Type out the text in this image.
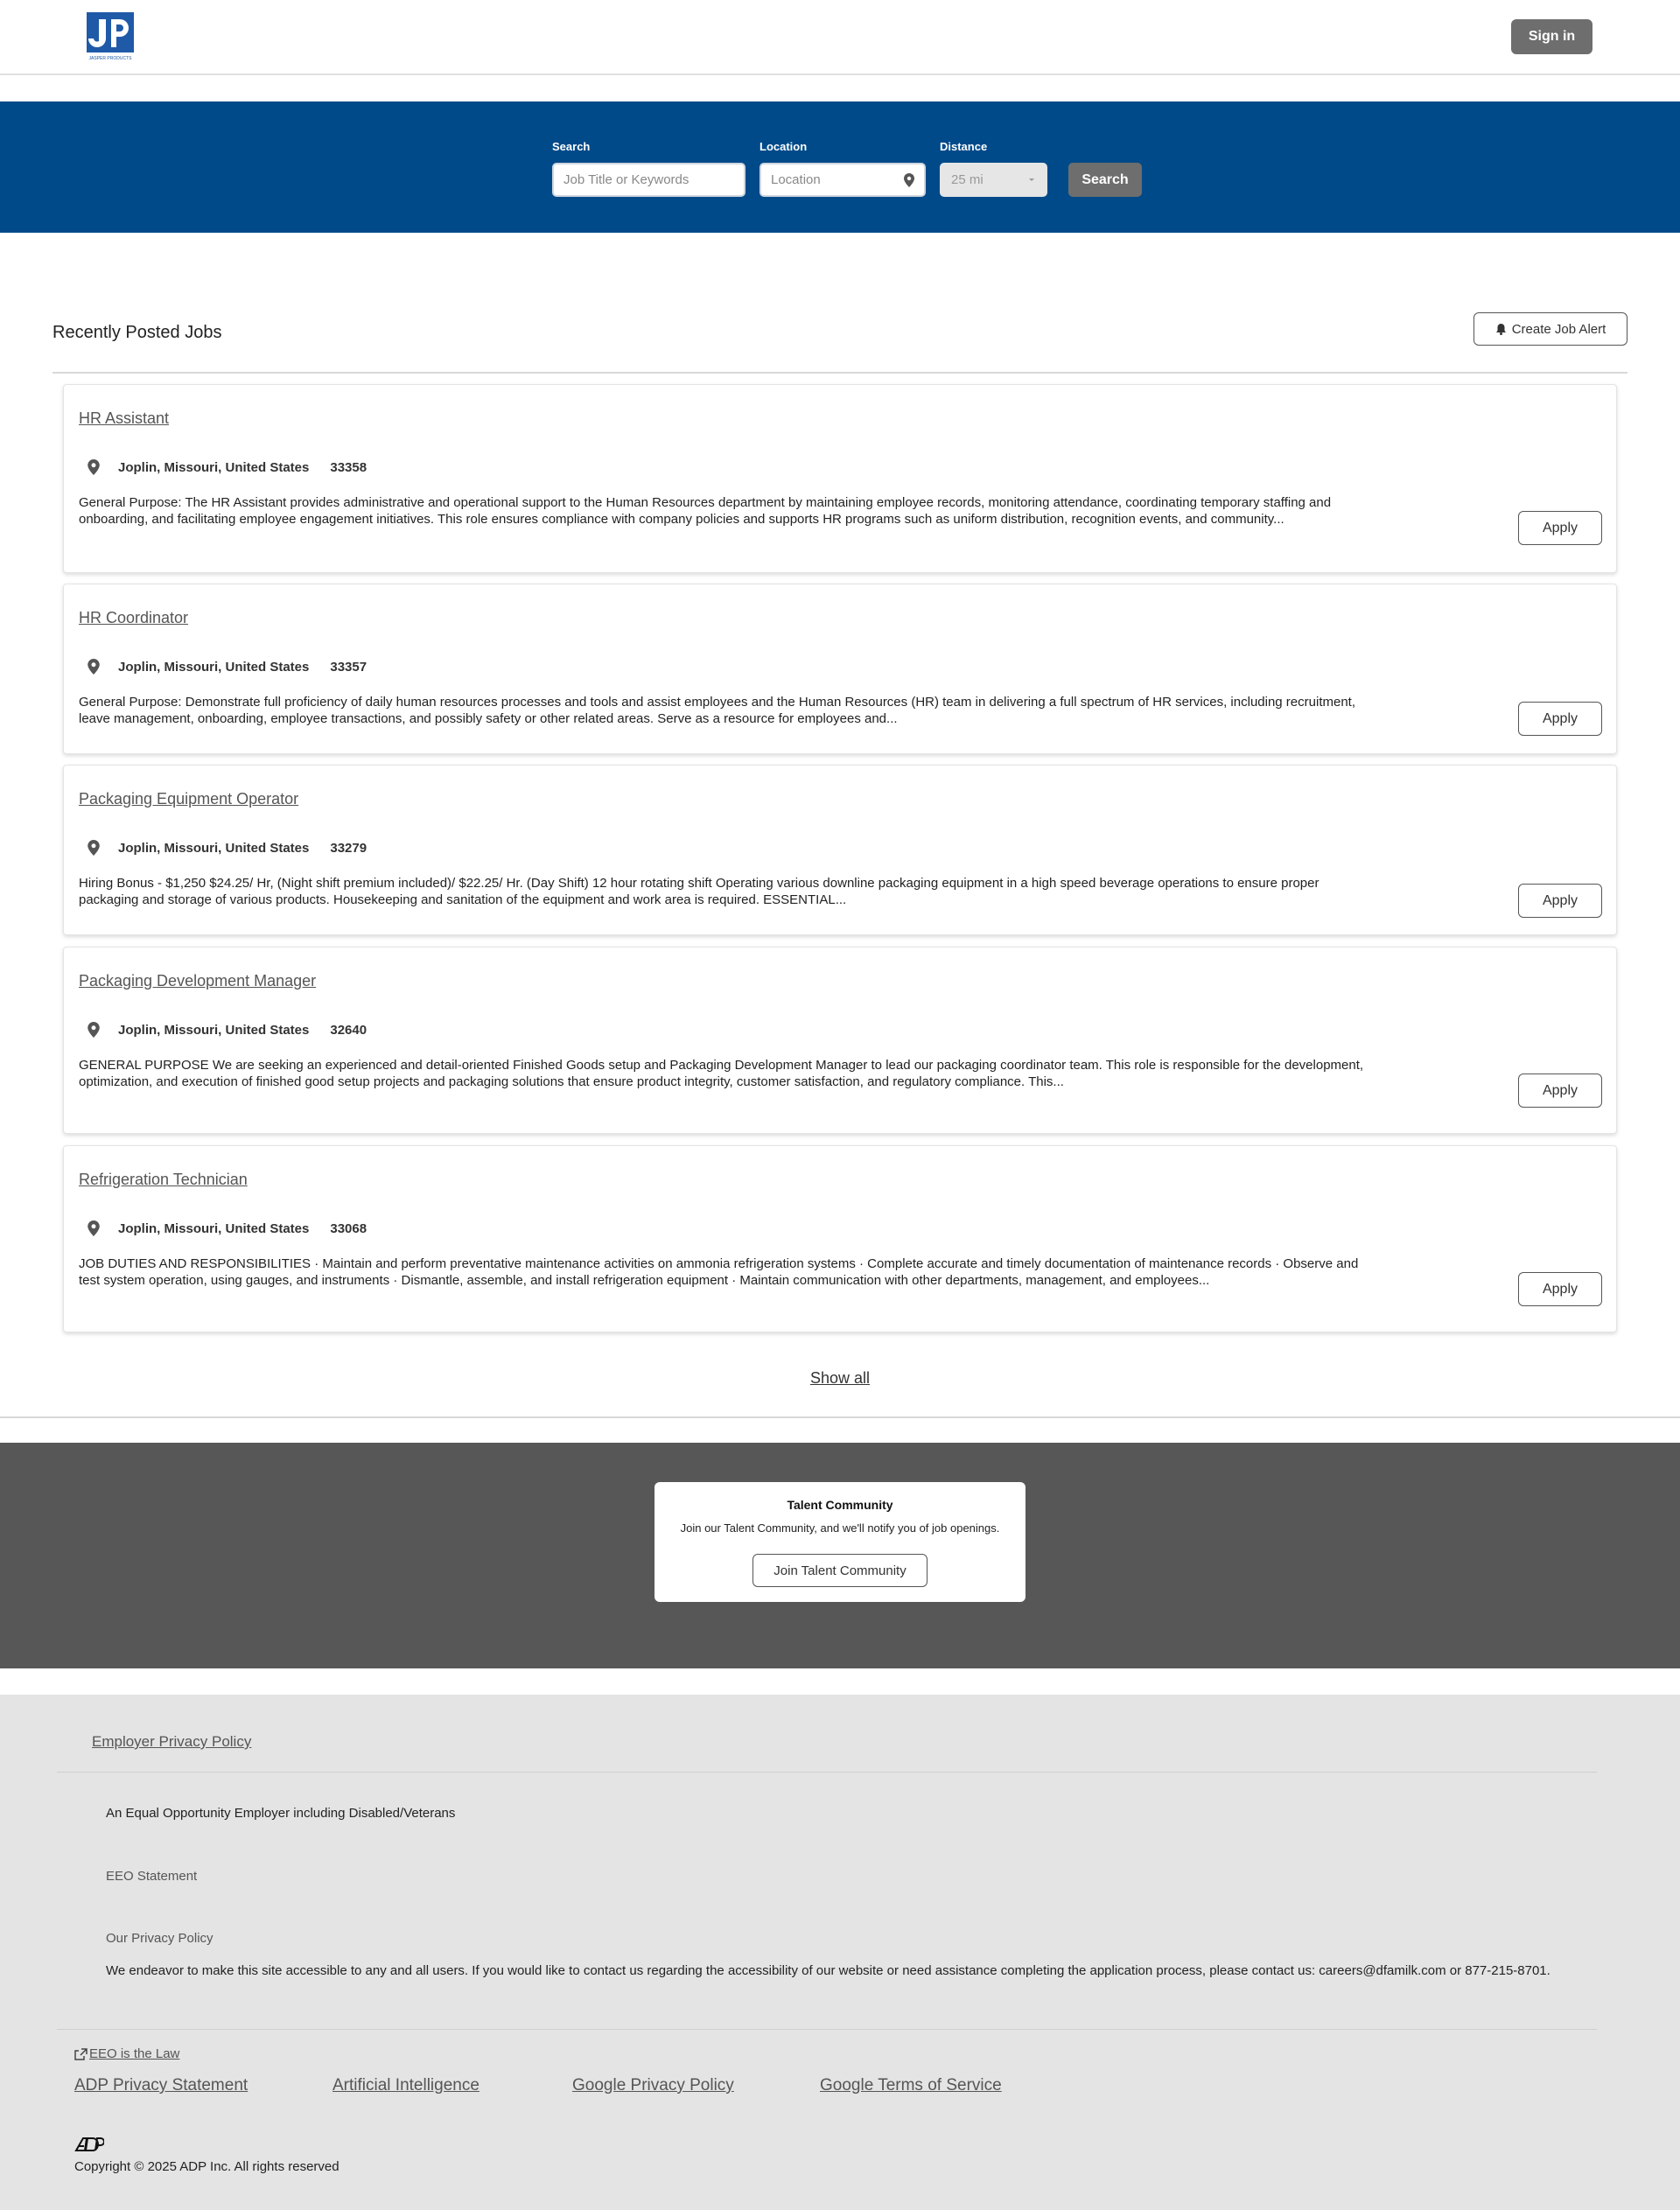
JASPER PRODUCTS
Sign in
Search
Job Title or Keywords
Location
Location
Distance
25 mi	Search
Recently Posted Jobs	Create Job Alert
HR Assistant
Joplin, Missouri, United States 33358
General Purpose: The HR Assistant provides administrative and operational support to the Human Resources department by maintaining employee records, monitoring attendance, coordinating temporary staffing and onboarding, and facilitating employee engagement initiatives. This role ensures compliance with company policies and supports HR programs such as uniform distribution, recognition events, and community...
Apply
HR Coordinator
Joplin, Missouri, United States 33357
General Purpose: Demonstrate full proficiency of daily human resources processes and tools and assist employees and the Human Resources (HR) team in delivering a full spectrum of HR services, including recruitment, leave management, onboarding, employee transactions, and possibly safety or other related areas. Serve as a resource for employees and...	Apply
Packaging Equipment Operator
Joplin, Missouri, United States 33279
Hiring Bonus - $1,250 $24.25/ Hr, (Night shift premium included)/ $22.25/ Hr. (Day Shift) 12 hour rotating shift Operating various downline packaging equipment in a high speed beverage operations to ensure proper packaging and storage of various products. Housekeeping and sanitation of the equipment and work area is required. ESSENTIAL...	Apply
Packaging Development Manager
Joplin, Missouri, United States 32640
GENERAL PURPOSE We are seeking an experienced and detail-oriented Finished Goods setup and Packaging Development Manager to lead our packaging coordinator team. This role is responsible for the development, optimization, and execution of finished good setup projects and packaging solutions that ensure product integrity, customer satisfaction, and regulatory compliance. This...
Apply
Refrigeration Technician
Joplin, Missouri, United States 33068
JOB DUTIES AND RESPONSIBILITIES · Maintain and perform preventative maintenance activities on ammonia refrigeration systems · Complete accurate and timely documentation of maintenance records · Observe and test system operation, using gauges, and instruments · Dismantle, assemble, and install refrigeration equipment · Maintain communication with other departments, management, and employees...
Apply
Show all
Talent Community
Join our Talent Community, and we'll notify you of job openings.
Join Talent Community
Employer Privacy Policy
An Equal Opportunity Employer including Disabled/Veterans
EEO Statement
Our Privacy Policy
We endeavor to make this site accessible to any and all users. If you would like to contact us regarding the accessibility of our website or need assistance completing the application process, please contact us: careers@dfamilk.com or 877-215-8701.
EEO is the Law
ADP Privacy Statement	Artificial Intelligence	Google Privacy Policy	Google Terms of Service
Copyright © 2025 ADP Inc. All rights reserved
